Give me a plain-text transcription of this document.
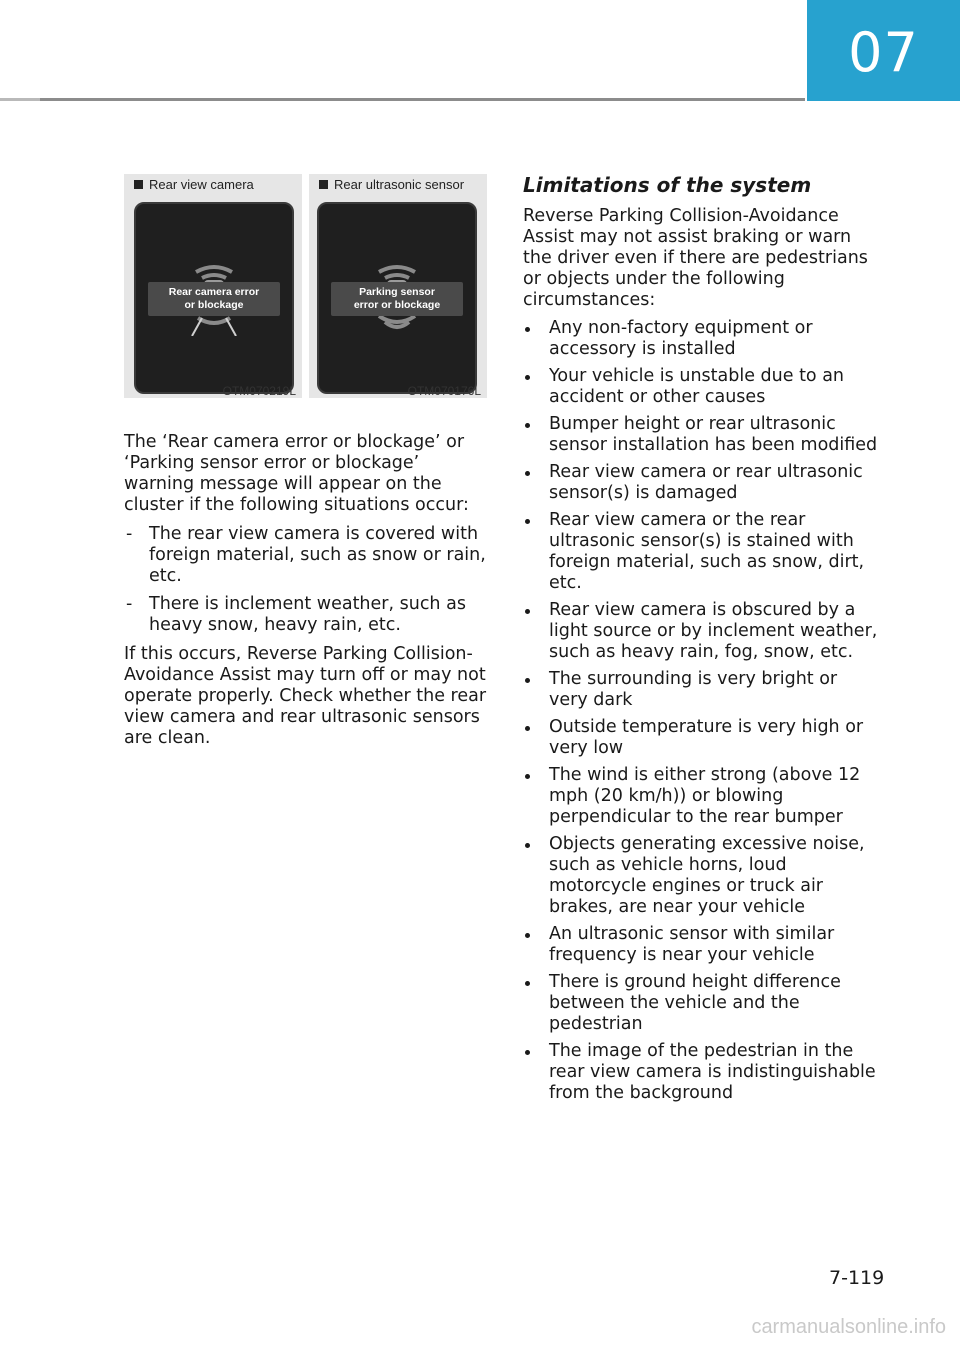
07
Rear view camera
Rear camera error
or blockage
OTM070219L
Rear ultrasonic sensor
Parking sensor
error or blockage
OTM070176L

The ‘Rear camera error or blockage’ or ‘Parking sensor error or blockage’ warning message will appear on the cluster if the following situations occur:

- The rear view camera is covered with foreign material, such as snow or rain, etc.
- There is inclement weather, such as heavy snow, heavy rain, etc.

If this occurs, Reverse Parking Collision-Avoidance Assist may turn off or may not operate properly. Check whether the rear view camera and rear ultrasonic sensors are clean.

Limitations of the system

Reverse Parking Collision-Avoidance Assist may not assist braking or warn the driver even if there are pedestrians or objects under the following circumstances:

Any non-factory equipment or accessory is installed
Your vehicle is unstable due to an accident or other causes
Bumper height or rear ultrasonic sensor installation has been modified
Rear view camera or rear ultrasonic sensor(s) is damaged
Rear view camera or the rear ultrasonic sensor(s) is stained with foreign material, such as snow, dirt, etc.
Rear view camera is obscured by a light source or by inclement weather, such as heavy rain, fog, snow, etc.
The surrounding is very bright or very dark
Outside temperature is very high or very low
The wind is either strong (above 12 mph (20 km/h)) or blowing perpendicular to the rear bumper
Objects generating excessive noise, such as vehicle horns, loud motorcycle engines or truck air brakes, are near your vehicle
An ultrasonic sensor with similar frequency is near your vehicle
There is ground height difference between the vehicle and the pedestrian
The image of the pedestrian in the rear view camera is indistinguishable from the background
7-119
carmanualsonline.info
